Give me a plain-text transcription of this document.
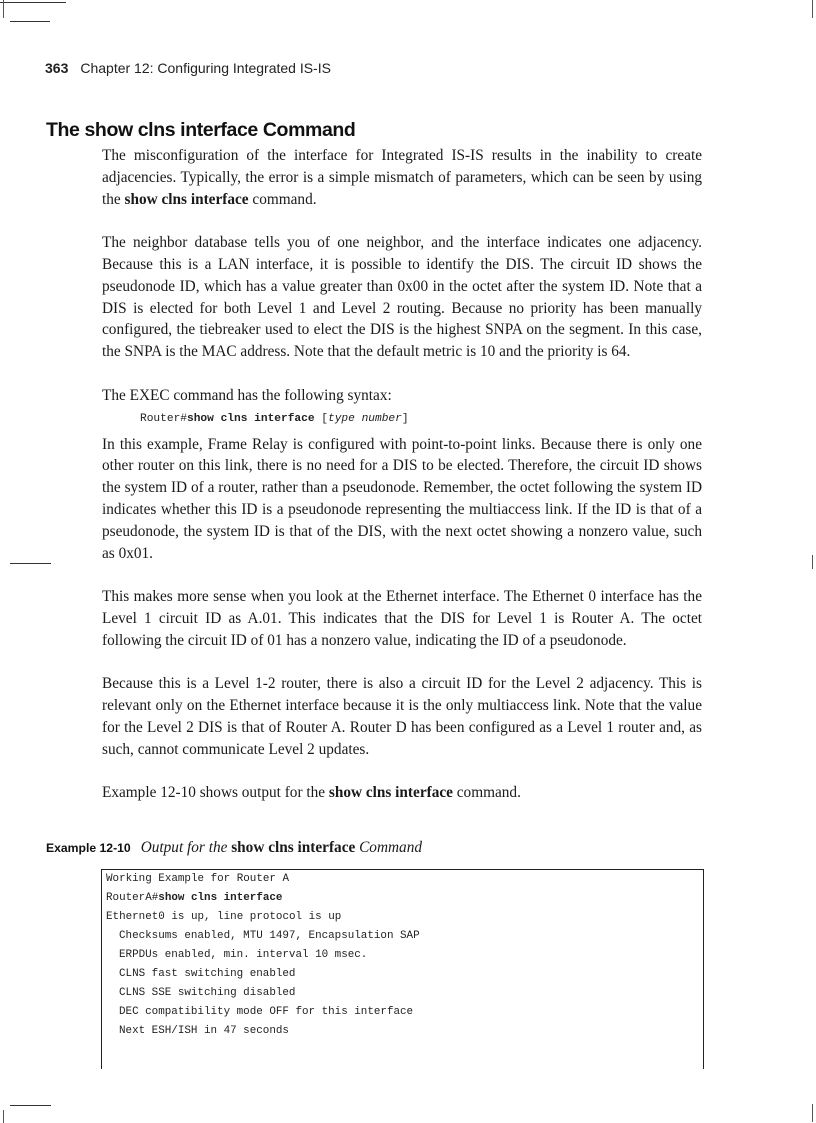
363 Chapter 12: Configuring Integrated IS-IS
The show clns interface Command

The misconfiguration of the interface for Integrated IS-IS results in the inability to create adjacencies. Typically, the error is a simple mismatch of parameters, which can be seen by using the show clns interface command.

The neighbor database tells you of one neighbor, and the interface indicates one adjacency. Because this is a LAN interface, it is possible to identify the DIS. The circuit ID shows the pseudonode ID, which has a value greater than 0x00 in the octet after the system ID. Note that a DIS is elected for both Level 1 and Level 2 routing. Because no priority has been manually configured, the tiebreaker used to elect the DIS is the highest SNPA on the segment. In this case, the SNPA is the MAC address. Note that the default metric is 10 and the priority is 64.

The EXEC command has the following syntax:

Router#show clns interface [type number]

In this example, Frame Relay is configured with point-to-point links. Because there is only one other router on this link, there is no need for a DIS to be elected. Therefore, the circuit ID shows the system ID of a router, rather than a pseudonode. Remember, the octet following the system ID indicates whether this ID is a pseudonode representing the multiaccess link. If the ID is that of a pseudonode, the system ID is that of the DIS, with the next octet showing a nonzero value, such as 0x01.

This makes more sense when you look at the Ethernet interface. The Ethernet 0 interface has the Level 1 circuit ID as A.01. This indicates that the DIS for Level 1 is Router A. The octet following the circuit ID of 01 has a nonzero value, indicating the ID of a pseudonode.

Because this is a Level 1-2 router, there is also a circuit ID for the Level 2 adjacency. This is relevant only on the Ethernet interface because it is the only multiaccess link. Note that the value for the Level 2 DIS is that of Router A. Router D has been configured as a Level 1 router and, as such, cannot communicate Level 2 updates.

Example 12-10 shows output for the show clns interface command.

Example 12-10 Output for the show clns interface Command
Working Example for Router A
RouterA#show clns interface
Ethernet0 is up, line protocol is up
Checksums enabled, MTU 1497, Encapsulation SAP
ERPDUs enabled, min. interval 10 msec.
CLNS fast switching enabled
CLNS SSE switching disabled
DEC compatibility mode OFF for this interface
Next ESH/ISH in 47 seconds
